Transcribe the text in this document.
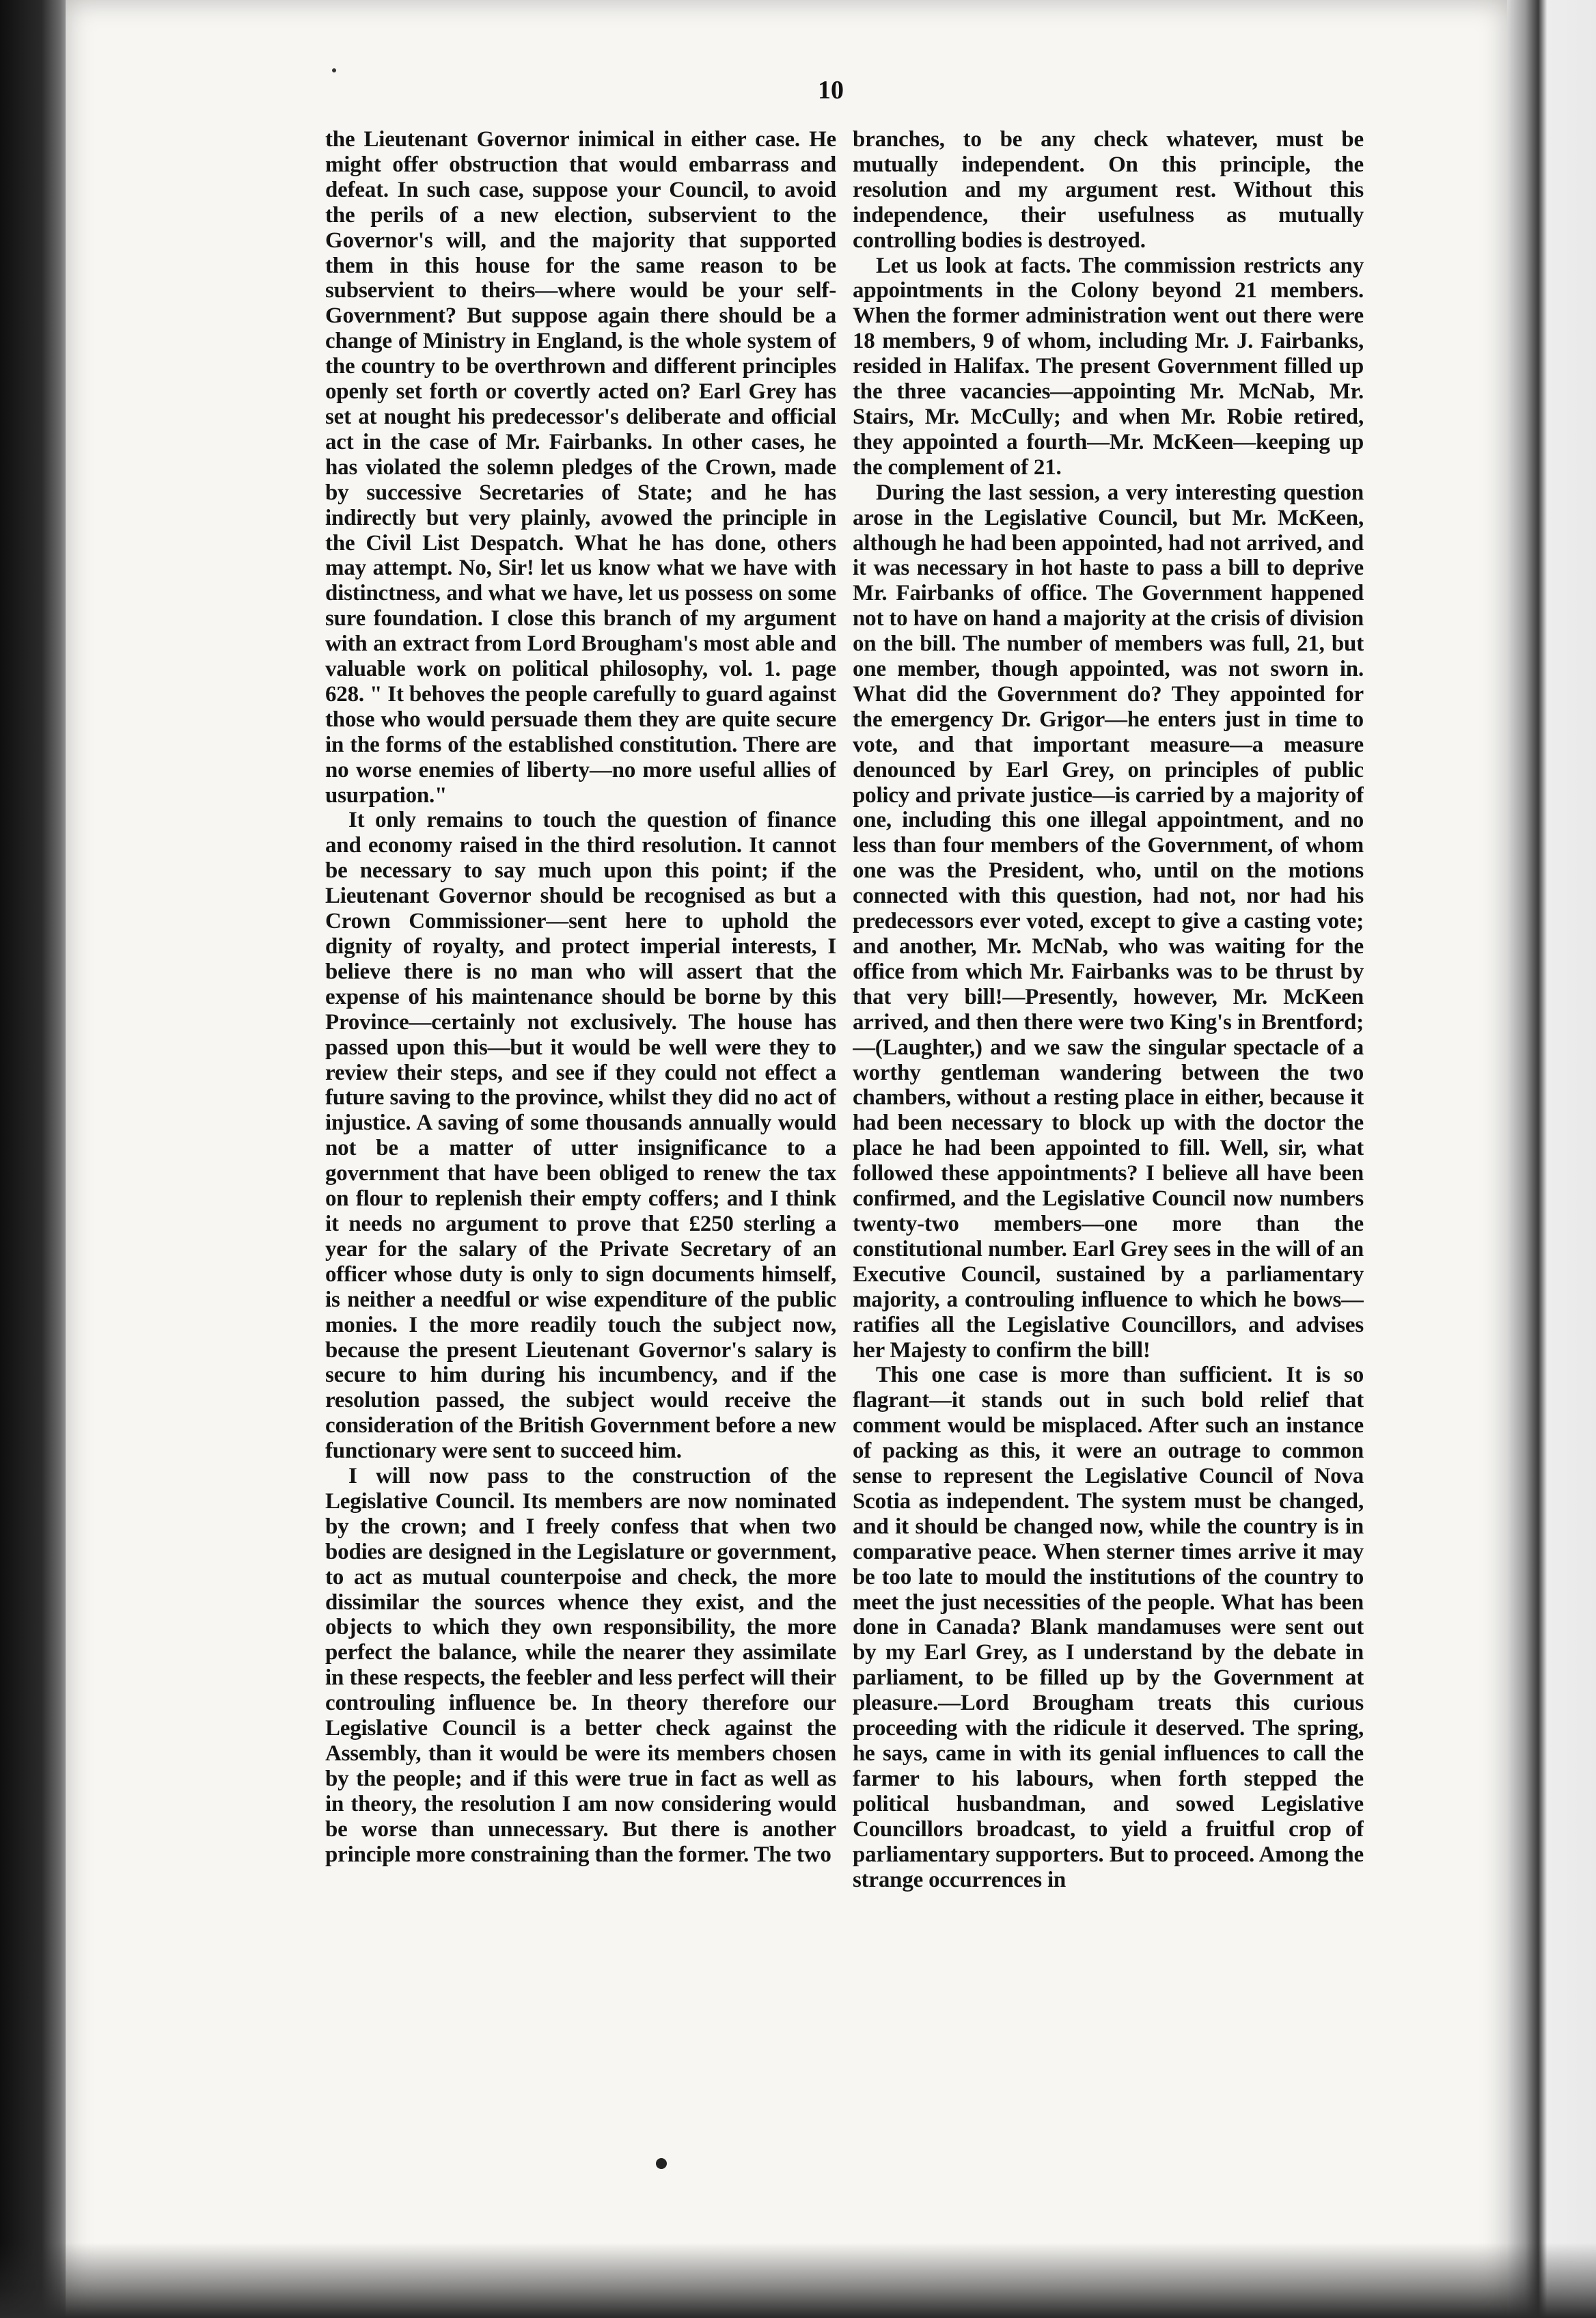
10

the Lieutenant Governor inimical in either case. He might offer obstruction that would embarrass and defeat. In such case, suppose your Council, to avoid the perils of a new election, subservient to the Governor's will, and the majority that supported them in this house for the same reason to be subservient to theirs—where would be your self-Government? But suppose again there should be a change of Ministry in England, is the whole system of the country to be overthrown and different principles openly set forth or covertly acted on? Earl Grey has set at nought his predecessor's deliberate and official act in the case of Mr. Fairbanks. In other cases, he has violated the solemn pledges of the Crown, made by successive Secretaries of State; and he has indirectly but very plainly, avowed the principle in the Civil List Despatch. What he has done, others may attempt. No, Sir! let us know what we have with distinctness, and what we have, let us possess on some sure foundation. I close this branch of my argument with an extract from Lord Brougham's most able and valuable work on political philosophy, vol. 1. page 628. " It behoves the people carefully to guard against those who would persuade them they are quite secure in the forms of the established constitution. There are no worse enemies of liberty—no more useful allies of usurpation."

It only remains to touch the question of finance and economy raised in the third resolution. It cannot be necessary to say much upon this point; if the Lieutenant Governor should be recognised as but a Crown Commissioner—sent here to uphold the dignity of royalty, and protect imperial interests, I believe there is no man who will assert that the expense of his maintenance should be borne by this Province—certainly not exclusively. The house has passed upon this—but it would be well were they to review their steps, and see if they could not effect a future saving to the province, whilst they did no act of injustice. A saving of some thousands annually would not be a matter of utter insignificance to a government that have been obliged to renew the tax on flour to replenish their empty coffers; and I think it needs no argument to prove that £250 sterling a year for the salary of the Private Secretary of an officer whose duty is only to sign documents himself, is neither a needful or wise expenditure of the public monies. I the more readily touch the subject now, because the present Lieutenant Governor's salary is secure to him during his incumbency, and if the resolution passed, the subject would receive the consideration of the British Government before a new functionary were sent to succeed him.

I will now pass to the construction of the Legislative Council. Its members are now nominated by the crown; and I freely confess that when two bodies are designed in the Legislature or government, to act as mutual counterpoise and check, the more dissimilar the sources whence they exist, and the objects to which they own responsibility, the more perfect the balance, while the nearer they assimilate in these respects, the feebler and less perfect will their controuling influence be. In theory therefore our Legislative Council is a better check against the Assembly, than it would be were its members chosen by the people; and if this were true in fact as well as in theory, the resolution I am now considering would be worse than unnecessary. But there is another principle more constraining than the former. The two

branches, to be any check whatever, must be mutually independent. On this principle, the resolution and my argument rest. Without this independence, their usefulness as mutually controlling bodies is destroyed.

Let us look at facts. The commission restricts any appointments in the Colony beyond 21 members. When the former administration went out there were 18 members, 9 of whom, including Mr. J. Fairbanks, resided in Halifax. The present Government filled up the three vacancies—appointing Mr. McNab, Mr. Stairs, Mr. McCully; and when Mr. Robie retired, they appointed a fourth—Mr. McKeen—keeping up the complement of 21.

During the last session, a very interesting question arose in the Legislative Council, but Mr. McKeen, although he had been appointed, had not arrived, and it was necessary in hot haste to pass a bill to deprive Mr. Fairbanks of office. The Government happened not to have on hand a majority at the crisis of division on the bill. The number of members was full, 21, but one member, though appointed, was not sworn in. What did the Government do? They appointed for the emergency Dr. Grigor—he enters just in time to vote, and that important measure—a measure denounced by Earl Grey, on principles of public policy and private justice—is carried by a majority of one, including this one illegal appointment, and no less than four members of the Government, of whom one was the President, who, until on the motions connected with this question, had not, nor had his predecessors ever voted, except to give a casting vote; and another, Mr. McNab, who was waiting for the office from which Mr. Fairbanks was to be thrust by that very bill!—Presently, however, Mr. McKeen arrived, and then there were two King's in Brentford;—(Laughter,) and we saw the singular spectacle of a worthy gentleman wandering between the two chambers, without a resting place in either, because it had been necessary to block up with the doctor the place he had been appointed to fill. Well, sir, what followed these appointments? I believe all have been confirmed, and the Legislative Council now numbers twenty-two members—one more than the constitutional number. Earl Grey sees in the will of an Executive Council, sustained by a parliamentary majority, a controuling influence to which he bows—ratifies all the Legislative Councillors, and advises her Majesty to confirm the bill!

This one case is more than sufficient. It is so flagrant—it stands out in such bold relief that comment would be misplaced. After such an instance of packing as this, it were an outrage to common sense to represent the Legislative Council of Nova Scotia as independent. The system must be changed, and it should be changed now, while the country is in comparative peace. When sterner times arrive it may be too late to mould the institutions of the country to meet the just necessities of the people. What has been done in Canada? Blank mandamuses were sent out by my Earl Grey, as I understand by the debate in parliament, to be filled up by the Government at pleasure.—Lord Brougham treats this curious proceeding with the ridicule it deserved. The spring, he says, came in with its genial influences to call the farmer to his labours, when forth stepped the political husbandman, and sowed Legislative Councillors broadcast, to yield a fruitful crop of parliamentary supporters. But to proceed. Among the strange occurrences in
